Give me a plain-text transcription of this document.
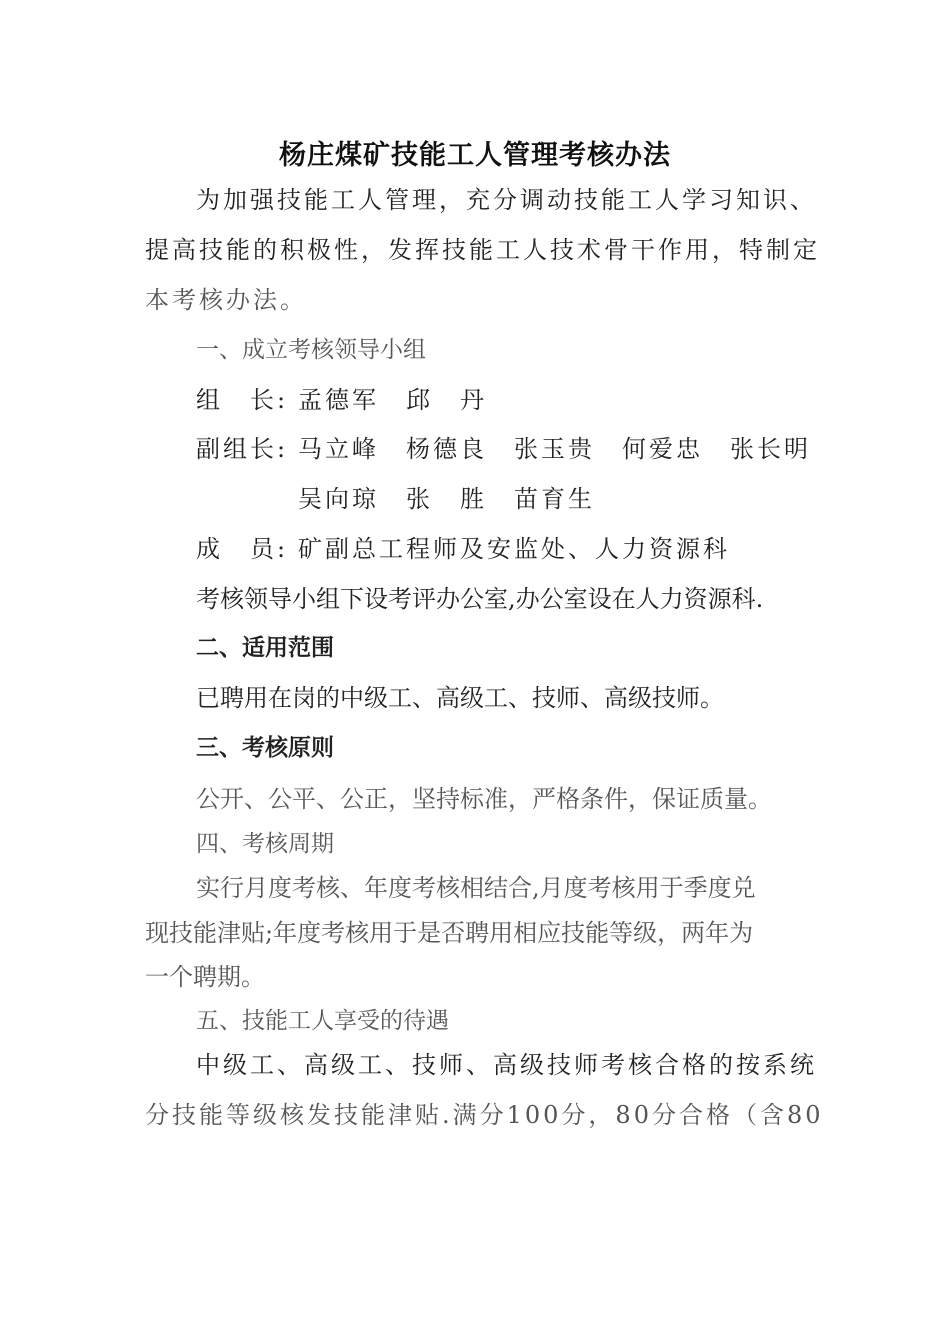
杨庄煤矿技能工人管理考核办法
为加强技能工人管理，充分调动技能工人学习知识、
提高技能的积极性，发挥技能工人技术骨干作用，特制定
本考核办法。
一、成立考核领导小组
组　长: 孟德军　邱　丹
副组长: 马立峰　杨德良　张玉贵　何爱忠　张长明
吴向琼　张　胜　苗育生
成　员: 矿副总工程师及安监处、人力资源科
考核领导小组下设考评办公室,办公室设在人力资源科.
二、适用范围
已聘用在岗的中级工、高级工、技师、高级技师。
三、考核原则
公开、公平、公正，坚持标准，严格条件，保证质量。
四、考核周期
实行月度考核、年度考核相结合,月度考核用于季度兑
现技能津贴;年度考核用于是否聘用相应技能等级，两年为
一个聘期。
五、技能工人享受的待遇
中级工、高级工、技师、高级技师考核合格的按系统
分技能等级核发技能津贴.满分100分，80分合格（含80
